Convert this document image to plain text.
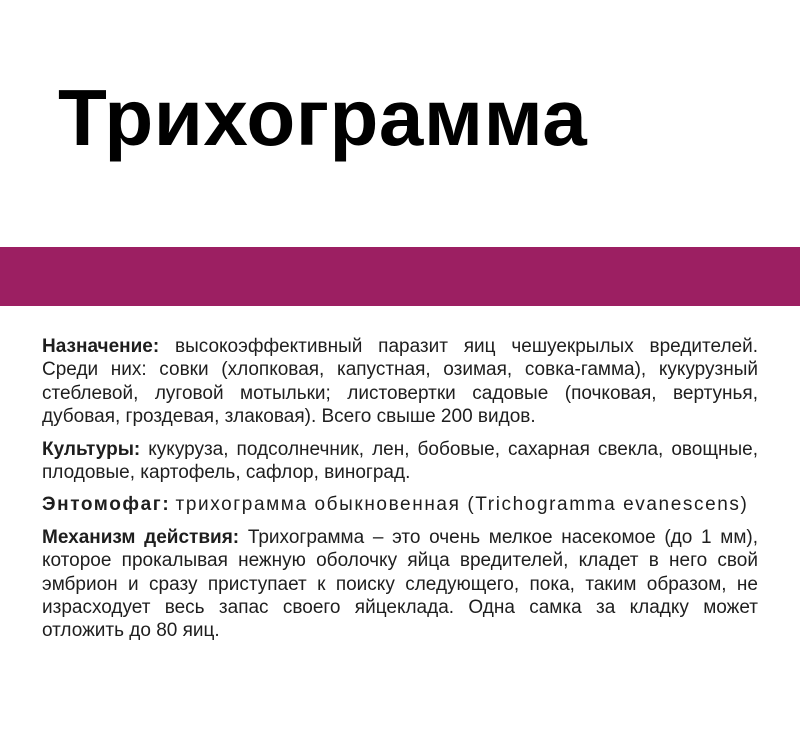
Трихограмма

Назначение: высокоэффективный паразит яиц чешуекрылых вредителей. Среди них: совки (хлопковая, капустная, озимая, совка-гамма), кукурузный стеблевой, луговой мотыльки; листовертки садовые (почковая, вертунья, дубовая, гроздевая, злаковая). Всего свыше 200 видов.

Культуры: кукуруза, подсолнечник, лен, бобовые, сахарная свекла, овощные, плодовые, картофель, сафлор, виноград.

Энтомофаг: трихограмма обыкновенная (Trichogramma evanescens)

Механизм действия: Трихограмма – это очень мелкое насекомое (до 1 мм), которое прокалывая нежную оболочку яйца вредителей, кладет в него свой эмбрион и сразу приступает к поиску следующего, пока, таким образом, не израсходует весь запас своего яйцеклада. Одна самка за кладку может отложить до 80 яиц.
